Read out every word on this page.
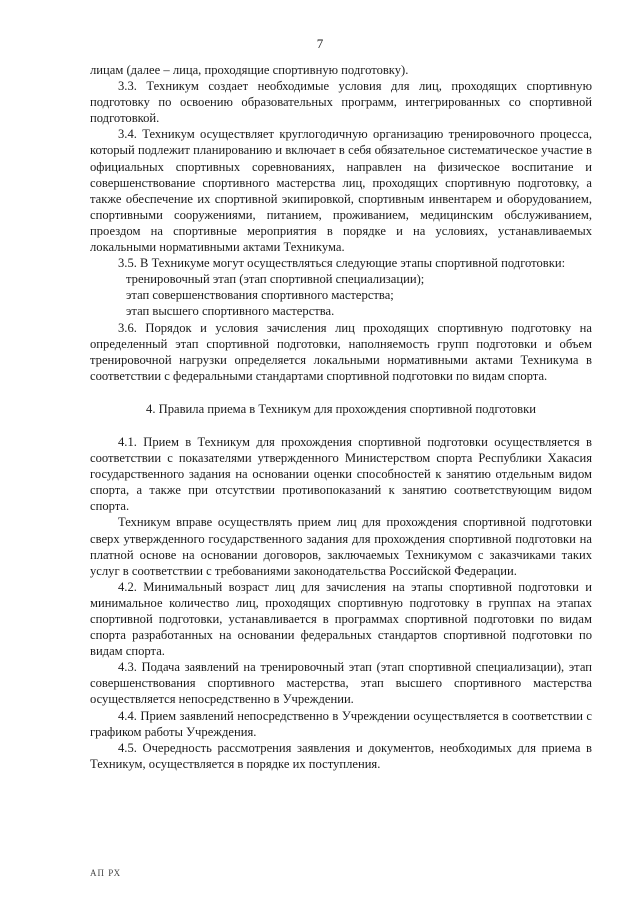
7

лицам (далее – лица, проходящие спортивную подготовку).

3.3. Техникум создает необходимые условия для лиц, проходящих спортивную подготовку по освоению образовательных программ, интегрированных со спортивной подготовкой.

3.4. Техникум осуществляет круглогодичную организацию тренировочного процесса, который подлежит планированию и включает в себя обязательное систематическое участие в официальных спортивных соревнованиях, направлен на физическое воспитание и совершенствование спортивного мастерства лиц, проходящих спортивную подготовку, а также обеспечение их спортивной экипировкой, спортивным инвентарем и оборудованием, спортивными сооружениями, питанием, проживанием, медицинским обслуживанием, проездом на спортивные мероприятия в порядке и на условиях, устанавливаемых локальными нормативными актами Техникума.

3.5. В Техникуме могут осуществляться следующие этапы спортивной подготовки:

тренировочный этап (этап спортивной специализации);

этап совершенствования спортивного мастерства;

этап высшего спортивного мастерства.

3.6. Порядок и условия зачисления лиц проходящих спортивную подготовку на определенный этап спортивной подготовки, наполняемость групп подготовки и объем тренировочной нагрузки определяется локальными нормативными актами Техникума в соответствии с федеральными стандартами спортивной подготовки по видам спорта.

4. Правила приема в Техникум для прохождения спортивной подготовки

4.1. Прием в Техникум для прохождения спортивной подготовки осуществляется в соответствии с показателями утвержденного Министерством спорта Республики Хакасия государственного задания на основании оценки способностей к занятию отдельным видом спорта, а также при отсутствии противопоказаний к занятию соответствующим видом спорта.

Техникум вправе осуществлять прием лиц для прохождения спортивной подготовки сверх утвержденного государственного задания для прохождения спортивной подготовки на платной основе на основании договоров, заключаемых Техникумом с заказчиками таких услуг в соответствии с требованиями законодательства Российской Федерации.

4.2. Минимальный возраст лиц для зачисления на этапы спортивной подготовки и минимальное количество лиц, проходящих спортивную подготовку в группах на этапах спортивной подготовки, устанавливается в программах спортивной подготовки по видам спорта разработанных на основании федеральных стандартов спортивной подготовки по видам спорта.

4.3. Подача заявлений на тренировочный этап (этап спортивной специализации), этап совершенствования спортивного мастерства, этап высшего спортивного мастерства осуществляется непосредственно в Учреждении.

4.4. Прием заявлений непосредственно в Учреждении осуществляется в соответствии с графиком работы Учреждения.

4.5. Очередность рассмотрения заявления и документов, необходимых для приема в Техникум, осуществляется в порядке их поступления.

АП РХ
